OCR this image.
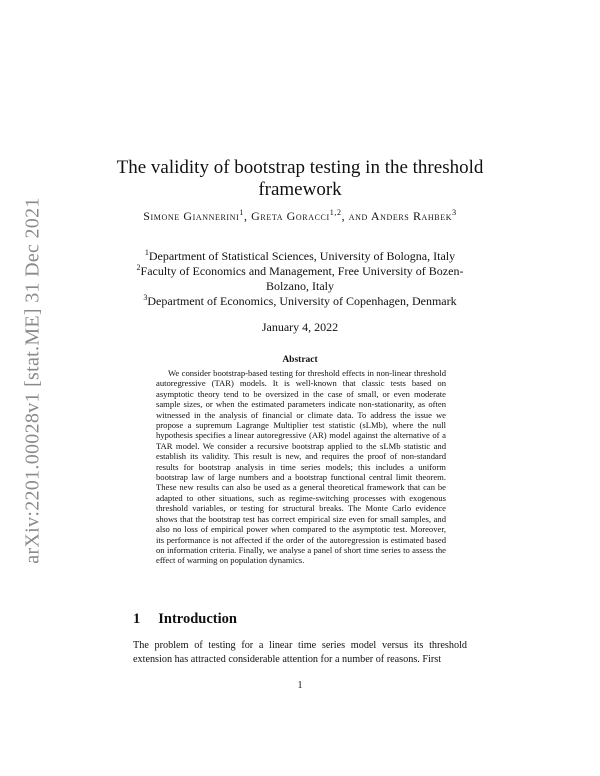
arXiv:2201.00028v1 [stat.ME] 31 Dec 2021
The validity of bootstrap testing in the threshold framework
Simone Giannerini$^1$, Greta Goracci$^{1,2}$, and Anders Rahbek$^3$
$^1$Department of Statistical Sciences, University of Bologna, Italy
$^2$Faculty of Economics and Management, Free University of Bozen-Bolzano, Italy
$^3$Department of Economics, University of Copenhagen, Denmark
January 4, 2022
Abstract
We consider bootstrap-based testing for threshold effects in non-linear threshold autoregressive (TAR) models. It is well-known that classic tests based on asymptotic theory tend to be oversized in the case of small, or even moderate sample sizes, or when the estimated parameters indicate non-stationarity, as often witnessed in the analysis of financial or climate data. To address the issue we propose a supremum Lagrange Multiplier test statistic (sLMb), where the null hypothesis specifies a linear autoregressive (AR) model against the alternative of a TAR model. We consider a recursive bootstrap applied to the sLMb statistic and establish its validity. This result is new, and requires the proof of non-standard results for bootstrap analysis in time series models; this includes a uniform bootstrap law of large numbers and a bootstrap functional central limit theorem. These new results can also be used as a general theoretical framework that can be adapted to other situations, such as regime-switching processes with exogenous threshold variables, or testing for structural breaks. The Monte Carlo evidence shows that the bootstrap test has correct empirical size even for small samples, and also no loss of empirical power when compared to the asymptotic test. Moreover, its performance is not affected if the order of the autoregression is estimated based on information criteria. Finally, we analyse a panel of short time series to assess the effect of warming on population dynamics.
1 Introduction
The problem of testing for a linear time series model versus its threshold extension has attracted considerable attention for a number of reasons. First
1
